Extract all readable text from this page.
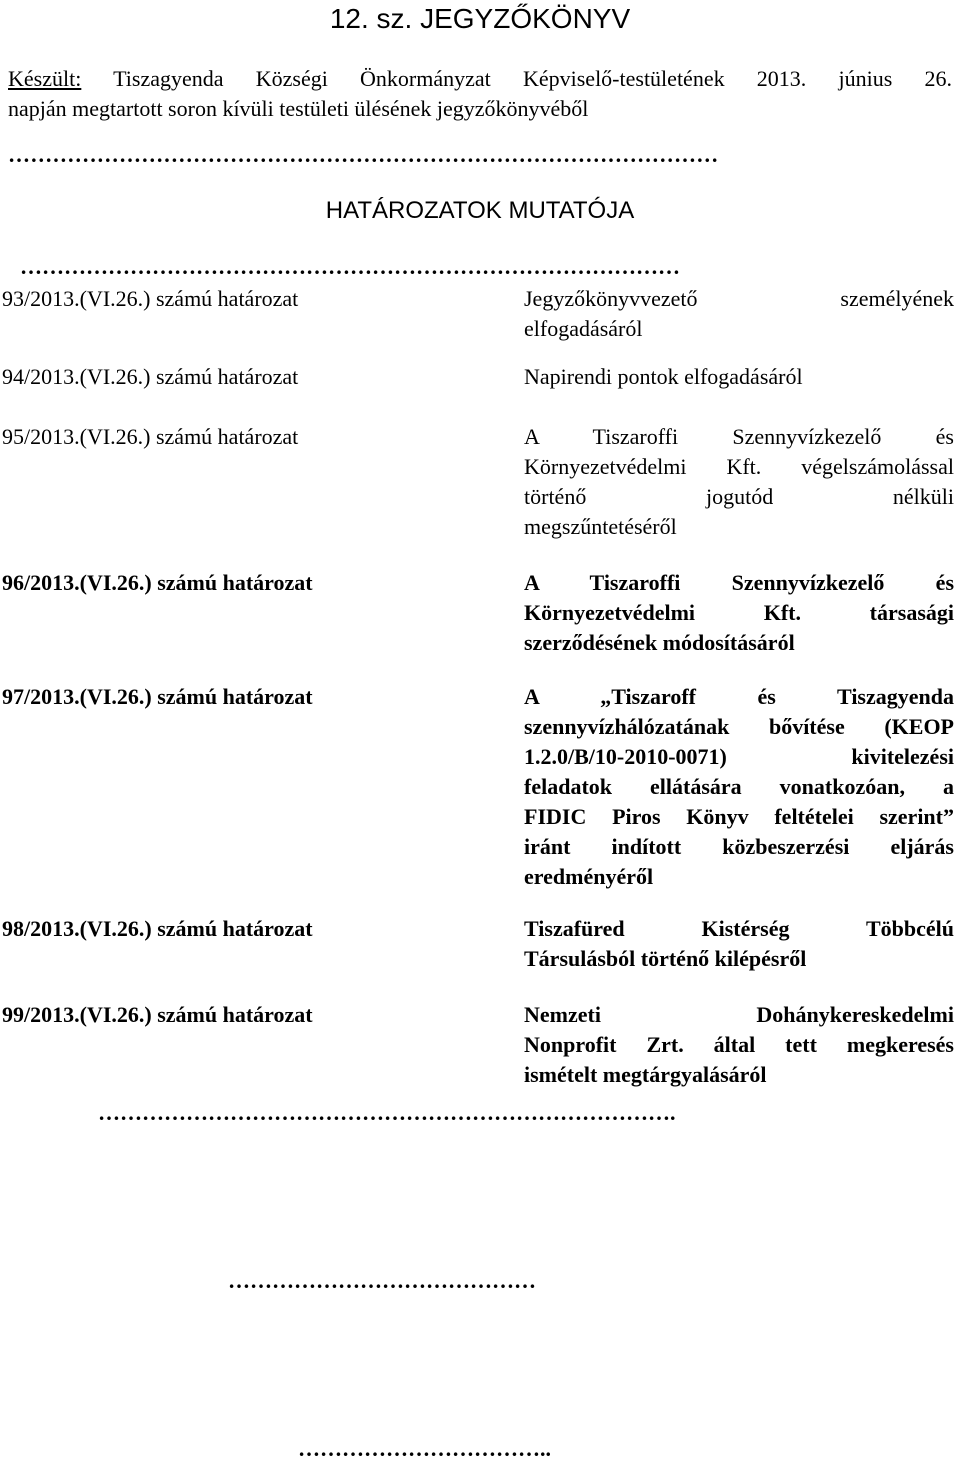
12. sz. JEGYZŐKÖNYV
Készült: Tiszagyenda Községi Önkormányzat Képviselő-testületének 2013. június 26.
napján megtartott soron kívüli testületi ülésének jegyzőkönyvéből
……………………………………………………………………………………
HATÁROZATOK MUTATÓJA
………………………………………………………………………………
93/2013.(VI.26.) számú határozat	Jegyzőkönyvvezető személyének
elfogadásáról
94/2013.(VI.26.) számú határozat	Napirendi pontok elfogadásáról
95/2013.(VI.26.) számú határozat	A Tiszaroffi Szennyvízkezelő és
Környezetvédelmi Kft. végelszámolással
történő jogutód nélküli
megszűntetéséről
96/2013.(VI.26.) számú határozat	A Tiszaroffi Szennyvízkezelő és
Környezetvédelmi Kft. társasági
szerződésének módosításáról
97/2013.(VI.26.) számú határozat	A „Tiszaroff és Tiszagyenda
szennyvízhálózatának bővítése (KEOP
1.2.0/B/10-2010-0071) kivitelezési
feladatok ellátására vonatkozóan, a
FIDIC Piros Könyv feltételei szerint”
iránt indított közbeszerzési eljárás
eredményéről
98/2013.(VI.26.) számú határozat	Tiszafüred Kistérség Többcélú
Társulásból történő kilépésről
99/2013.(VI.26.) számú határozat	Nemzeti Dohánykereskedelmi
Nonprofit Zrt. által tett megkeresés
ismételt megtárgyalásáról
…………………………………………………………………….
……………………………………
……………………………..
